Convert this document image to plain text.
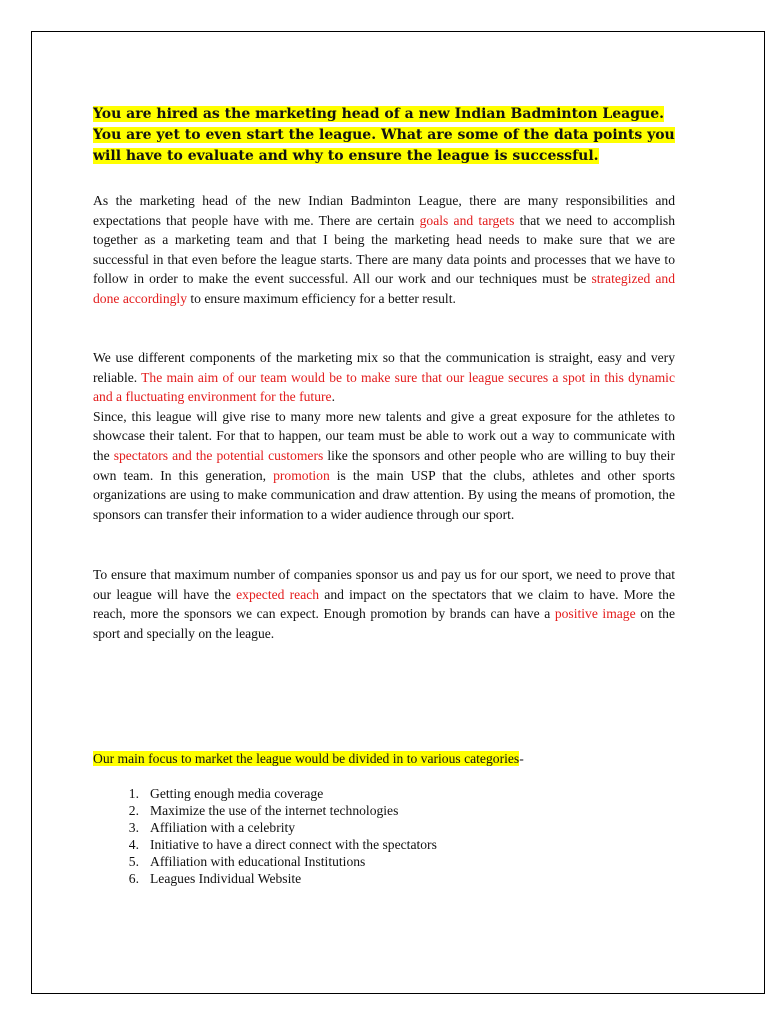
You are hired as the marketing head of a new Indian Badminton League.
You are yet to even start the league. What are some of the data points you
will have to evaluate and why to ensure the league is successful.

As the marketing head of the new Indian Badminton League, there are many responsibilities and expectations that people have with me. There are certain goals and targets that we need to accomplish together as a marketing team and that I being the marketing head needs to make sure that we are successful in that even before the league starts. There are many data points and processes that we have to follow in order to make the event successful. All our work and our techniques must be strategized and done accordingly to ensure maximum efficiency for a better result.

We use different components of the marketing mix so that the communication is straight, easy and very reliable. The main aim of our team would be to make sure that our league secures a spot in this dynamic and a fluctuating environment for the future.
Since, this league will give rise to many more new talents and give a great exposure for the athletes to showcase their talent. For that to happen, our team must be able to work out a way to communicate with the spectators and the potential customers like the sponsors and other people who are willing to buy their own team. In this generation, promotion is the main USP that the clubs, athletes and other sports organizations are using to make communication and draw attention. By using the means of promotion, the sponsors can transfer their information to a wider audience through our sport.

To ensure that maximum number of companies sponsor us and pay us for our sport, we need to prove that our league will have the expected reach and impact on the spectators that we claim to have. More the reach, more the sponsors we can expect. Enough promotion by brands can have a positive image on the sport and specially on the league.

Our main focus to market the league would be divided in to various categories-

1. Getting enough media coverage
2. Maximize the use of the internet technologies
3. Affiliation with a celebrity
4. Initiative to have a direct connect with the spectators
5. Affiliation with educational Institutions
6. Leagues Individual Website
